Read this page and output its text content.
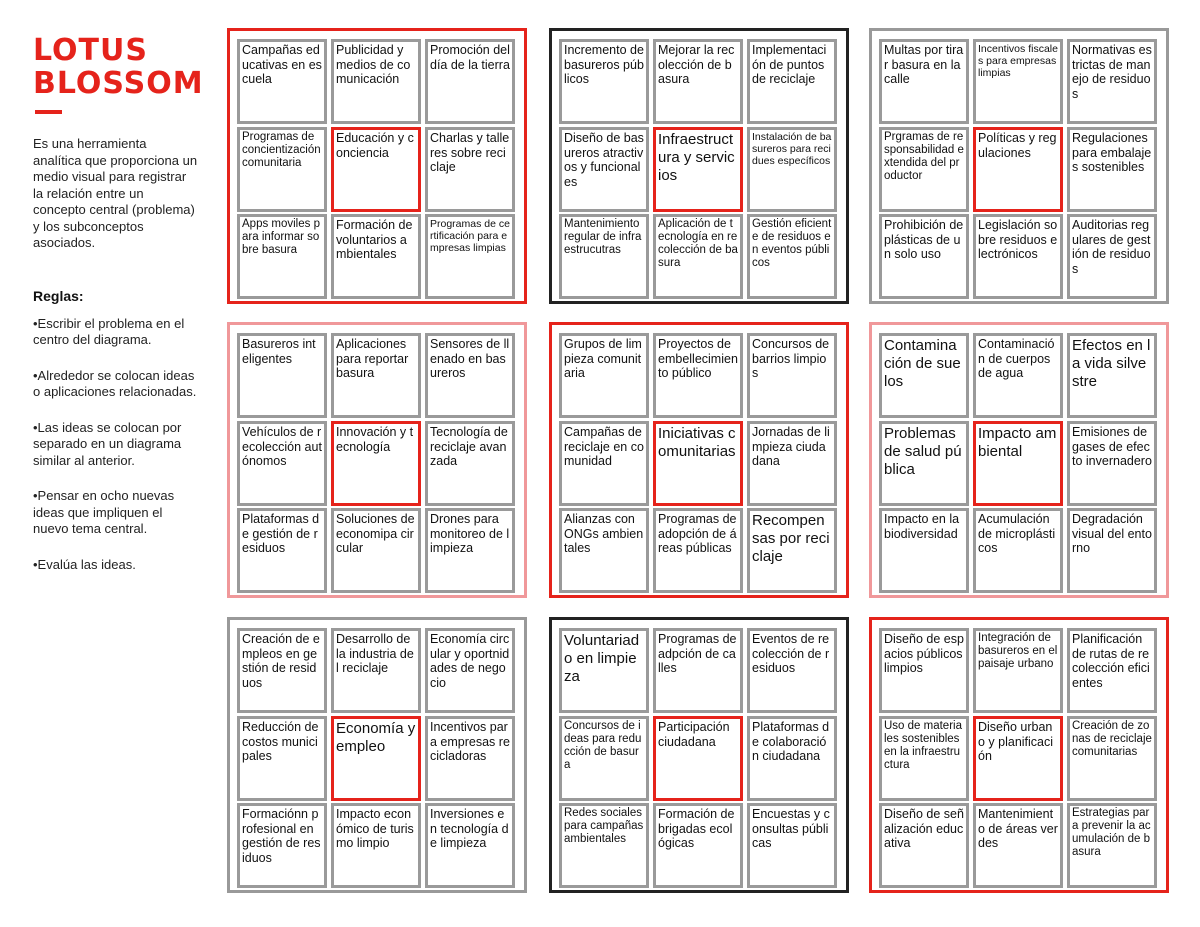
LOTUS
BLOSSOM

Es una herramienta analítica que proporciona un medio visual para registrar la relación entre un concepto central (problema) y los subconceptos asociados.

Reglas:

•Escribir el problema en el centro del diagrama.

•Alrededor se colocan ideas o aplicaciones relacionadas.

•Las ideas se colocan por separado en un diagrama similar al anterior.

•Pensar en ocho nuevas ideas que impliquen el nuevo tema central.

•Evalúa las ideas.

Campañas educativas en escuela
Publicidad y medios de comunicación
Promoción del día de la tierra
Programas de concientización comunitaria
Educación y conciencia
Charlas y talleres sobre reciclaje
Apps moviles para informar sobre basura
Formación de voluntarios ambientales
Programas de certificación para empresas limpias
Incremento de basureros públicos
Mejorar la recolección de basura
Implementación de puntos de reciclaje
Diseño de basureros atractivos y funcionales
Infraestructura y servicios
Instalación de basureros para recidues específicos
Mantenimiento regular de infraestrucutras
Aplicación de tecnología en recolección de basura
Gestión eficiente de residuos en eventos públicos
Multas por tirar basura en la calle
Incentivos fiscales para empresas limpias
Normativas estrictas de manejo de residuos
Prgramas de responsabilidad extendida del productor
Políticas y regulaciones
Regulaciones para embalajes sostenibles
Prohibición de plásticas de un solo uso
Legislación sobre residuos electrónicos
Auditorias regulares de gestión de residuos
Basureros inteligentes
Aplicaciones para reportar basura
Sensores de llenado en basureros
Vehículos de recolección autónomos
Innovación y tecnología
Tecnología de reciclaje avanzada
Plataformas de gestión de residuos
Soluciones de economipa circular
Drones para monitoreo de limpieza
Grupos de limpieza comunitaria
Proyectos de embellecimiento público
Concursos de barrios limpios
Campañas de reciclaje en comunidad
Iniciativas comunitarias
Jornadas de limpieza ciudadana
Alianzas con ONGs ambientales
Programas de adopción de áreas públicas
Recompensas por reciclaje
Contaminación de suelos
Contaminación de cuerpos de agua
Efectos en la vida silvestre
Problemas de salud pública
Impacto ambiental
Emisiones de gases de efecto invernadero
Impacto en la biodiversidad
Acumulación de microplásticos
Degradación visual del entorno
Creación de empleos en gestión de residuos
Desarrollo de la industria del reciclaje
Economía circular y oportnidades de negocio
Reducción de costos municipales
Economía y empleo
Incentivos para empresas recicladoras
Formaciónn profesional en gestión de residuos
Impacto económico de turismo limpio
Inversiones en tecnología de limpieza
Voluntariado en limpieza
Programas de adpción de calles
Eventos de recolección de residuos
Concursos de ideas para reducción de basura
Participación ciudadana
Plataformas de colaboración ciudadana
Redes sociales para campañas ambientales
Formación de brigadas ecológicas
Encuestas y consultas públicas
Diseño de espacios públicos limpios
Integración de basureros en el paisaje urbano
Planificación de rutas de recolección eficientes
Uso de materiales sostenibles en la infraestructura
Diseño urbano y planificación
Creación de zonas de reciclaje comunitarias
Diseño de señalización educativa
Mantenimiento de áreas verdes
Estrategias para prevenir la acumulación de basura
